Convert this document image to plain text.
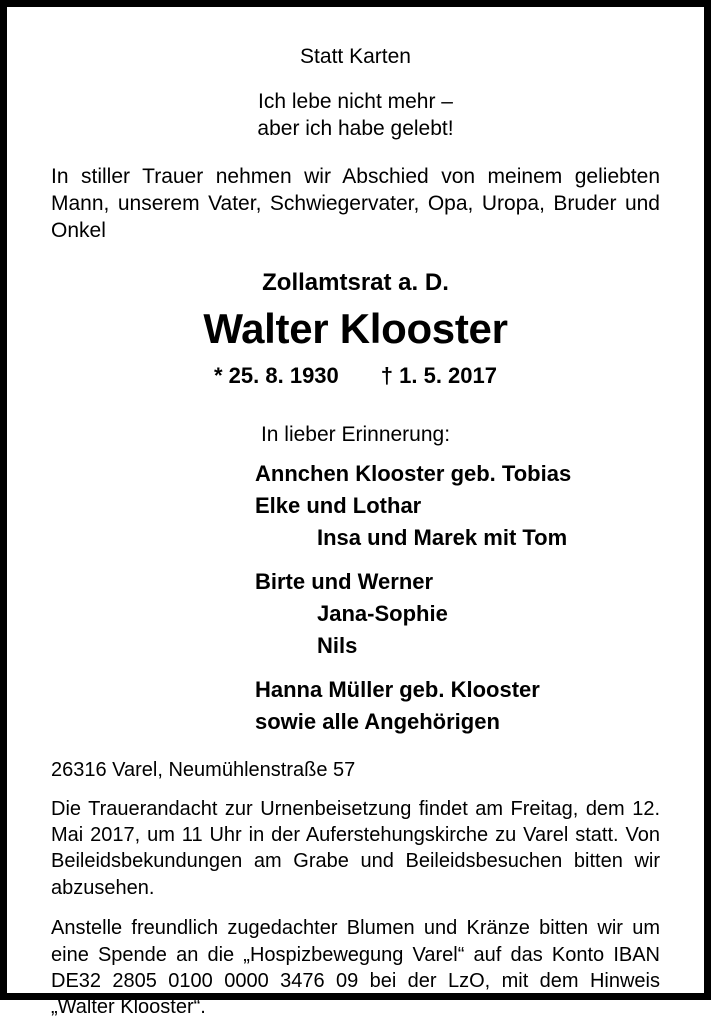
Statt Karten

Ich lebe nicht mehr –
aber ich habe gelebt!

In stiller Trauer nehmen wir Abschied von meinem geliebten Mann, unserem Vater, Schwiegervater, Opa, Uropa, Bruder und Onkel

Zollamtsrat a. D.

Walter Klooster

* 25. 8. 1930 † 1. 5. 2017

In lieber Erinnerung:

Annchen Klooster geb. Tobias
Elke und Lothar
Insa und Marek mit Tom
Birte und Werner
Jana-Sophie
Nils
Hanna Müller geb. Klooster
sowie alle Angehörigen

26316 Varel, Neumühlenstraße 57

Die Trauerandacht zur Urnenbeisetzung findet am Freitag, dem 12. Mai 2017, um 11 Uhr in der Auferstehungskirche zu Varel statt. Von Beileidsbekundungen am Grabe und Beileidsbesuchen bitten wir abzusehen.

Anstelle freundlich zugedachter Blumen und Kränze bitten wir um eine Spende an die „Hospizbewegung Varel“ auf das Konto IBAN DE32 2805 0100 0000 3476 09 bei der LzO, mit dem Hinweis „Walter Klooster“.
